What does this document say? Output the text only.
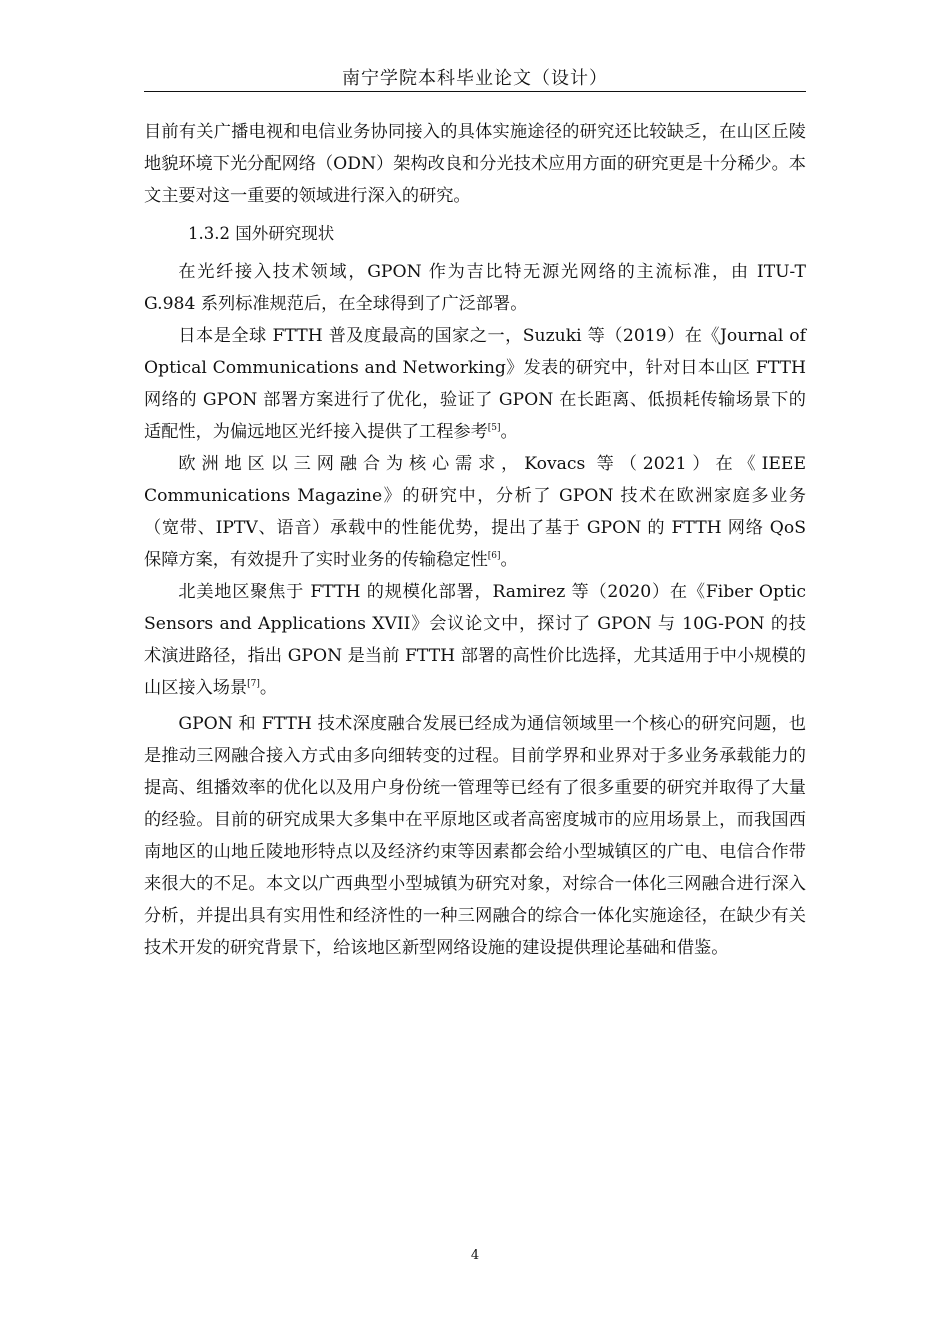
南宁学院本科毕业论文（设计）

目前有关广播电视和电信业务协同接入的具体实施途径的研究还比较缺乏，在山区丘陵地貌环境下光分配网络（ODN）架构改良和分光技术应用方面的研究更是十分稀少。本文主要对这一重要的领域进行深入的研究。

1.3.2 国外研究现状

在光纤接入技术领域，GPON 作为吉比特无源光网络的主流标准，由 ITU-T G.984 系列标准规范后，在全球得到了广泛部署。

日本是全球 FTTH 普及度最高的国家之一，Suzuki 等（2019）在《Journal of Optical Communications and Networking》发表的研究中，针对日本山区 FTTH 网络的 GPON 部署方案进行了优化，验证了 GPON 在长距离、低损耗传输场景下的适配性，为偏远地区光纤接入提供了工程参考[5]。

欧洲地区以三网融合为核心需求，Kovacs 等（2021）在《IEEE Communications Magazine》的研究中，分析了 GPON 技术在欧洲家庭多业务（宽带、IPTV、语音）承载中的性能优势，提出了基于 GPON 的 FTTH 网络 QoS 保障方案，有效提升了实时业务的传输稳定性[6]。

北美地区聚焦于 FTTH 的规模化部署，Ramirez 等（2020）在《Fiber Optic Sensors and Applications XVII》会议论文中，探讨了 GPON 与 10G-PON 的技术演进路径，指出 GPON 是当前 FTTH 部署的高性价比选择，尤其适用于中小规模的山区接入场景[7]。

GPON 和 FTTH 技术深度融合发展已经成为通信领域里一个核心的研究问题，也是推动三网融合接入方式由多向细转变的过程。目前学界和业界对于多业务承载能力的提高、组播效率的优化以及用户身份统一管理等已经有了很多重要的研究并取得了大量的经验。目前的研究成果大多集中在平原地区或者高密度城市的应用场景上，而我国西南地区的山地丘陵地形特点以及经济约束等因素都会给小型城镇区的广电、电信合作带来很大的不足。本文以广西典型小型城镇为研究对象，对综合一体化三网融合进行深入分析，并提出具有实用性和经济性的一种三网融合的综合一体化实施途径，在缺少有关技术开发的研究背景下，给该地区新型网络设施的建设提供理论基础和借鉴。

4
